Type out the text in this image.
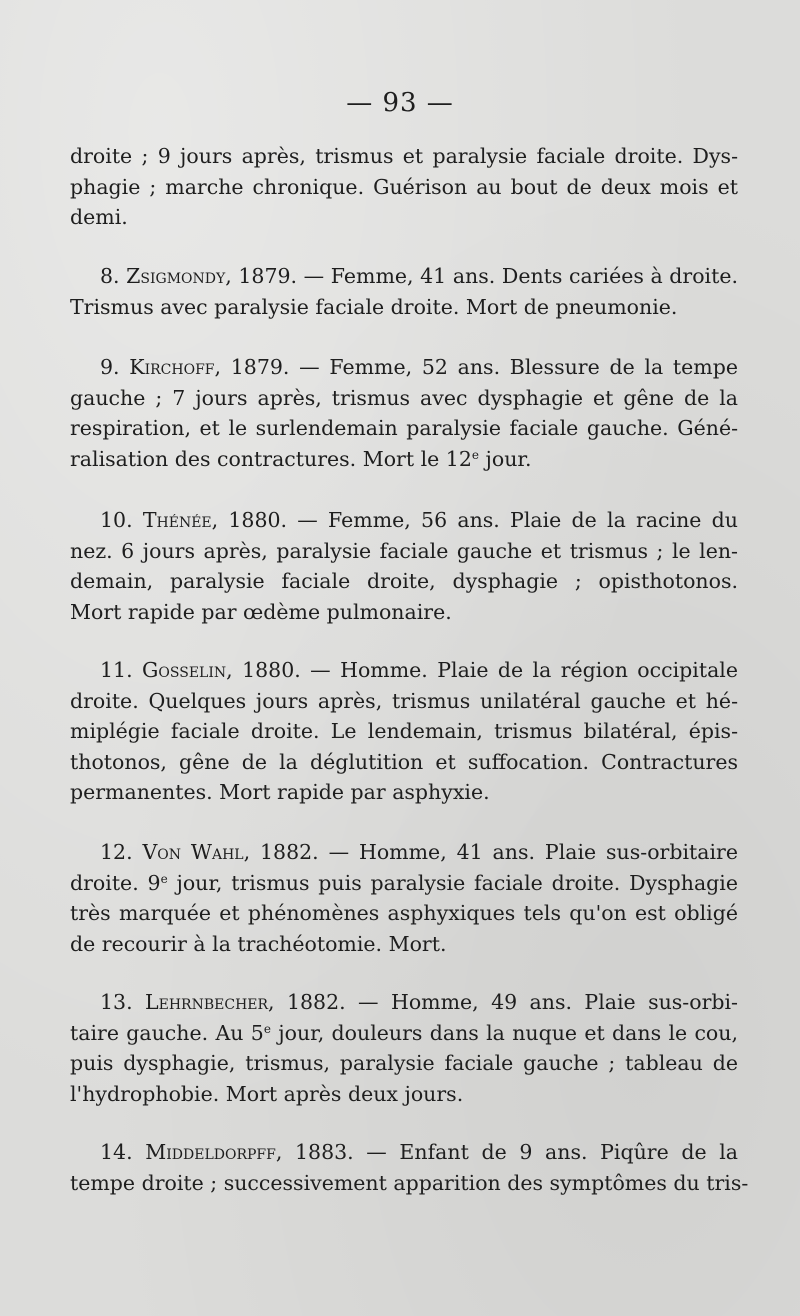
— 93 —
droite ; 9 jours après, trismus et paralysie faciale droite. Dys-
phagie ; marche chronique. Guérison au bout de deux mois et
demi.
8. Zsigmondy, 1879. — Femme, 41 ans. Dents cariées à droite.
Trismus avec paralysie faciale droite. Mort de pneumonie.
9. Kirchoff, 1879. — Femme, 52 ans. Blessure de la tempe
gauche ; 7 jours après, trismus avec dysphagie et gêne de la
respiration, et le surlendemain paralysie faciale gauche. Géné-
ralisation des contractures. Mort le 12e jour.
10. Thénée, 1880. — Femme, 56 ans. Plaie de la racine du
nez. 6 jours après, paralysie faciale gauche et trismus ; le len-
demain, paralysie faciale droite, dysphagie ; opisthotonos.
Mort rapide par œdème pulmonaire.
11. Gosselin, 1880. — Homme. Plaie de la région occipitale
droite. Quelques jours après, trismus unilatéral gauche et hé-
miplégie faciale droite. Le lendemain, trismus bilatéral, épis-
thotonos, gêne de la déglutition et suffocation. Contractures
permanentes. Mort rapide par asphyxie.
12. Von Wahl, 1882. — Homme, 41 ans. Plaie sus-orbitaire
droite. 9e jour, trismus puis paralysie faciale droite. Dysphagie
très marquée et phénomènes asphyxiques tels qu'on est obligé
de recourir à la trachéotomie. Mort.
13. Lehrnbecher, 1882. — Homme, 49 ans. Plaie sus-orbi-
taire gauche. Au 5e jour, douleurs dans la nuque et dans le cou,
puis dysphagie, trismus, paralysie faciale gauche ; tableau de
l'hydrophobie. Mort après deux jours.
14. Middeldorpff, 1883. — Enfant de 9 ans. Piqûre de la
tempe droite ; successivement apparition des symptômes du tris-
